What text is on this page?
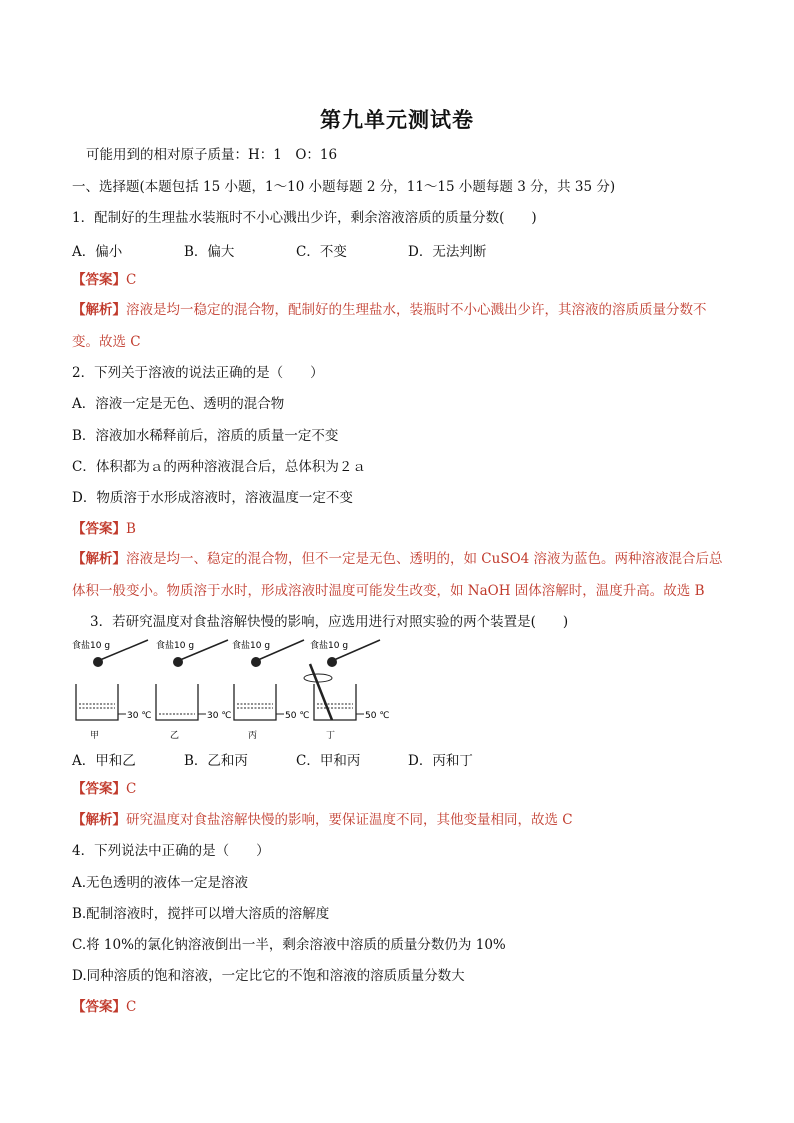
第九单元测试卷
可能用到的相对原子质量：H：1　O：16
一、选择题(本题包括 15 小题，1～10 小题每题 2 分，11～15 小题每题 3 分，共 35 分)
1．配制好的生理盐水装瓶时不小心溅出少许，剩余溶液溶质的质量分数(　　)
A．偏小	B．偏大	C．不变	D．无法判断
【答案】C
【解析】溶液是均一稳定的混合物，配制好的生理盐水，装瓶时不小心溅出少许，其溶液的溶质质量分数不变。故选 C
2．下列关于溶液的说法正确的是（　　）
A．溶液一定是无色、透明的混合物
B．溶液加水稀释前后，溶质的质量一定不变
C．体积都为ａ的两种溶液混合后，总体积为２ａ
D．物质溶于水形成溶液时，溶液温度一定不变
【答案】B
【解析】溶液是均一、稳定的混合物，但不一定是无色、透明的，如 CuSO4 溶液为蓝色。两种溶液混合后总体积一般变小。物质溶于水时，形成溶液时温度可能发生改变，如 NaOH 固体溶解时，温度升高。故选 B
3．若研究温度对食盐溶解快慢的影响，应选用进行对照实验的两个装置是(　　)
食盐10 g
30 ℃
甲
食盐10 g
30 ℃
乙
食盐10 g
50 ℃
丙
食盐10 g
50 ℃
丁
A．甲和乙	B．乙和丙	C．甲和丙	D．丙和丁
【答案】C
【解析】研究温度对食盐溶解快慢的影响，要保证温度不同，其他变量相同，故选 C
4．下列说法中正确的是（　　）
A.无色透明的液体一定是溶液
B.配制溶液时，搅拌可以增大溶质的溶解度
C.将 10%的氯化钠溶液倒出一半，剩余溶液中溶质的质量分数仍为 10%
D.同种溶质的饱和溶液，一定比它的不饱和溶液的溶质质量分数大
【答案】C
